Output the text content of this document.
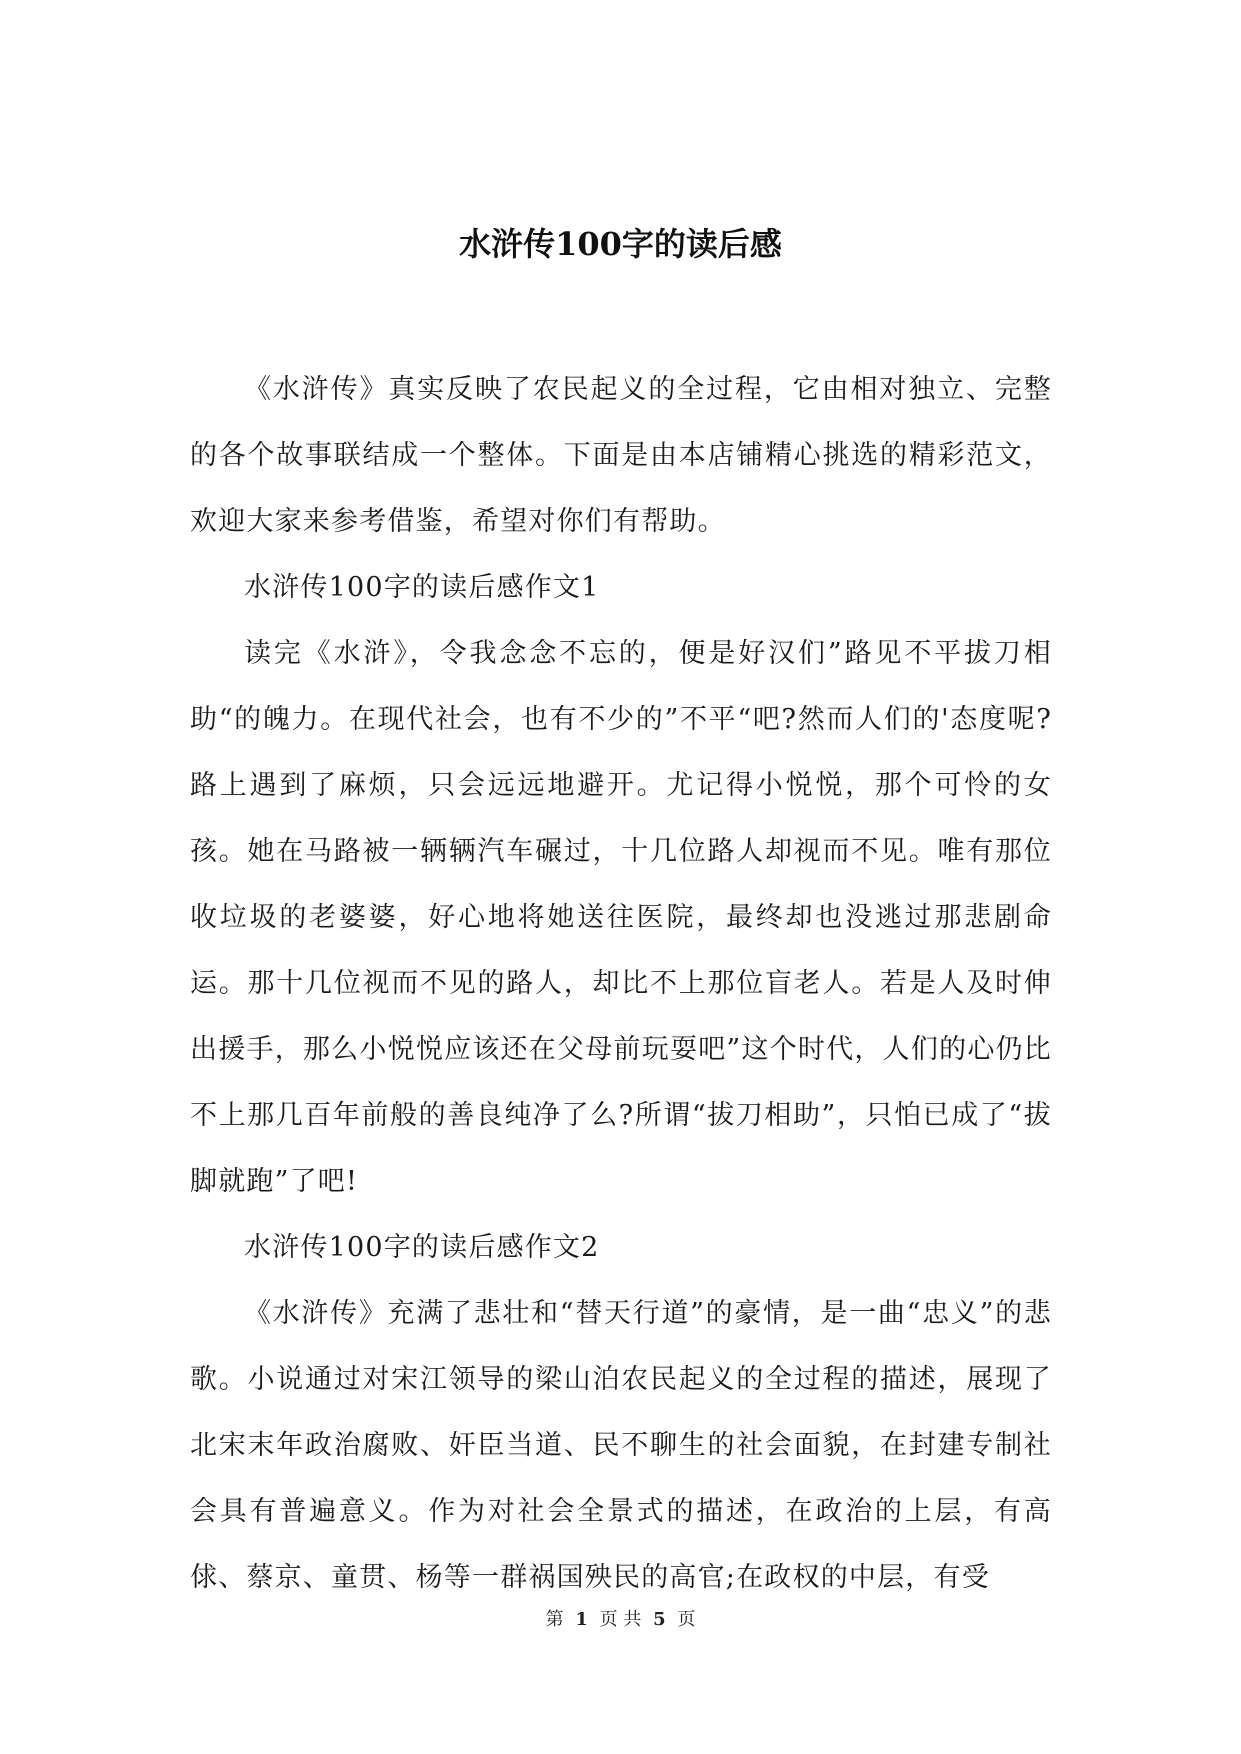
水浒传100字的读后感

《水浒传》真实反映了农民起义的全过程，它由相对独立、完整的各个故事联结成一个整体。下面是由本店铺精心挑选的精彩范文，欢迎大家来参考借鉴，希望对你们有帮助。

水浒传100字的读后感作文1

读完《水浒》，令我念念不忘的，便是好汉们”路见不平拔刀相助“的魄力。在现代社会，也有不少的”不平“吧?然而人们的'态度呢?路上遇到了麻烦，只会远远地避开。尤记得小悦悦，那个可怜的女孩。她在马路被一辆辆汽车碾过，十几位路人却视而不见。唯有那位收垃圾的老婆婆，好心地将她送往医院，最终却也没逃过那悲剧命运。那十几位视而不见的路人，却比不上那位盲老人。若是人及时伸出援手，那么小悦悦应该还在父母前玩耍吧”这个时代，人们的心仍比不上那几百年前般的善良纯净了么?所谓“拔刀相助”，只怕已成了“拔脚就跑”了吧!

水浒传100字的读后感作文2

《水浒传》充满了悲壮和“替天行道”的豪情，是一曲“忠义”的悲歌。小说通过对宋江领导的梁山泊农民起义的全过程的描述，展现了北宋末年政治腐败、奸臣当道、民不聊生的社会面貌，在封建专制社会具有普遍意义。作为对社会全景式的描述，在政治的上层，有高俅、蔡京、童贯、杨等一群祸国殃民的高官;在政权的中层，有受

第 1 页 共 5 页
